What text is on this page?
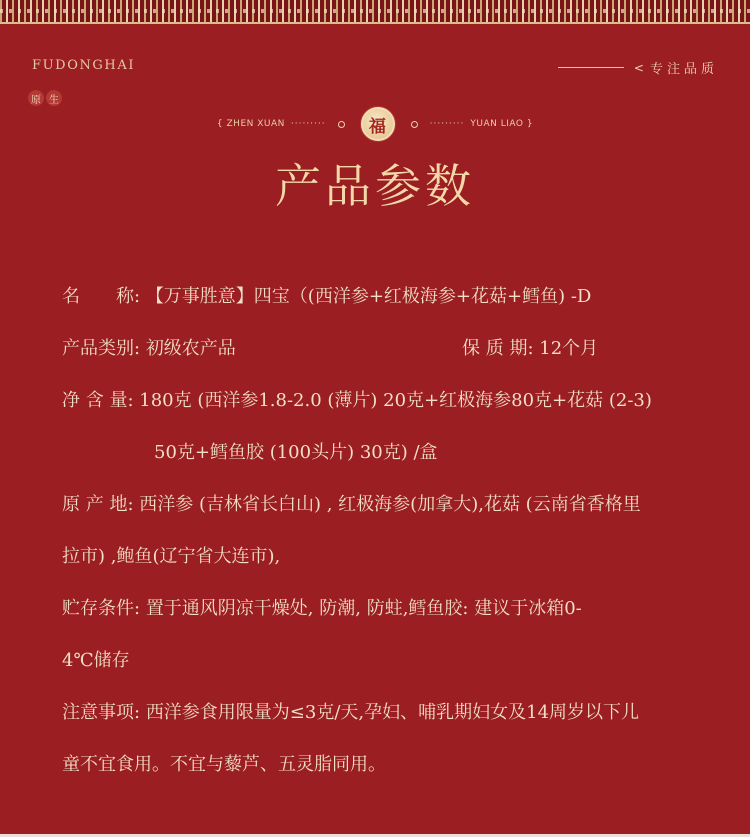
FUDONGHAI
原 生
< 专注品质
{ ZHEN XUAN ·········	福	········· YUAN LIAO }
产品参数
名　　称: 【万事胜意】四宝（(西洋参+红极海参+花菇+鳕鱼) -D
产品类别: 初级农产品	保 质 期: 12个月
净 含 量: 180克 (西洋参1.8-2.0 (薄片) 20克+红极海参80克+花菇 (2-3)
50克+鳕鱼胶 (100头片) 30克) /盒
原 产 地: 西洋参 (吉林省长白山) , 红极海参(加拿大),花菇 (云南省香格里
拉市) ,鲍鱼(辽宁省大连市),
贮存条件: 置于通风阴凉干燥处, 防潮, 防蛀,鳕鱼胶: 建议于冰箱0-
4℃储存
注意事项: 西洋参食用限量为≤3克/天,孕妇、哺乳期妇女及14周岁以下儿
童不宜食用。不宜与藜芦、五灵脂同用。
